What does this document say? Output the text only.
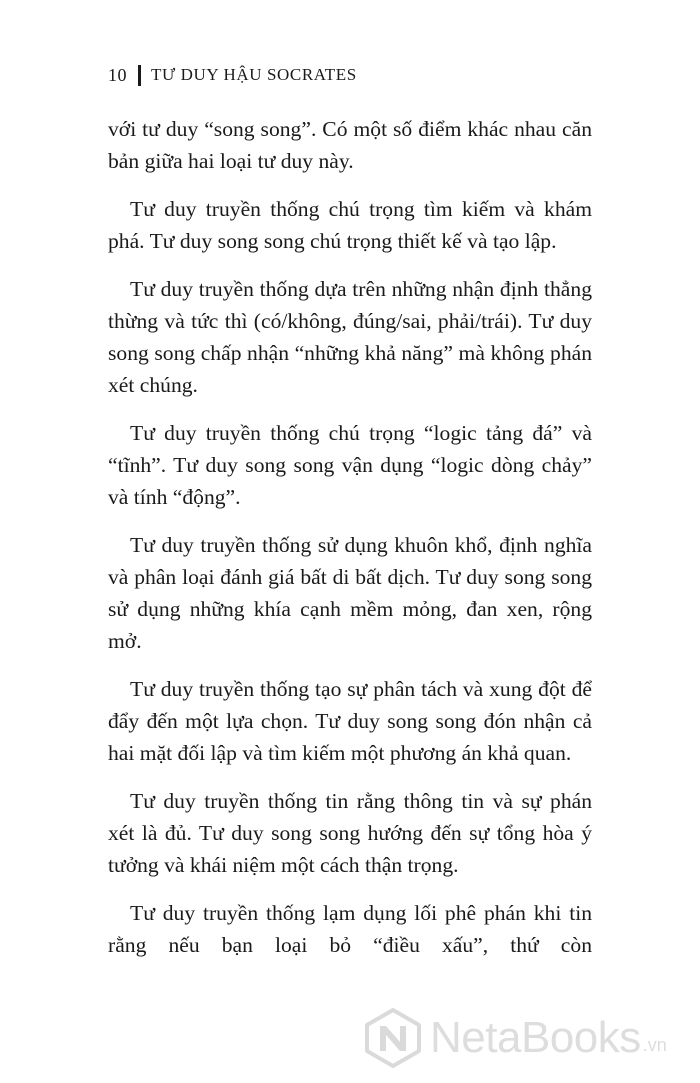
10 TƯ DUY HẬU SOCRATES

với tư duy “song song”. Có một số điểm khác nhau căn bản giữa hai loại tư duy này.

Tư duy truyền thống chú trọng tìm kiếm và khám phá. Tư duy song song chú trọng thiết kế và tạo lập.

Tư duy truyền thống dựa trên những nhận định thẳng thừng và tức thì (có/không, đúng/sai, phải/trái). Tư duy song song chấp nhận “những khả năng” mà không phán xét chúng.

Tư duy truyền thống chú trọng “logic tảng đá” và “tĩnh”. Tư duy song song vận dụng “logic dòng chảy” và tính “động”.

Tư duy truyền thống sử dụng khuôn khổ, định nghĩa và phân loại đánh giá bất di bất dịch. Tư duy song song sử dụng những khía cạnh mềm mỏng, đan xen, rộng mở.

Tư duy truyền thống tạo sự phân tách và xung đột để đẩy đến một lựa chọn. Tư duy song song đón nhận cả hai mặt đối lập và tìm kiếm một phương án khả quan.

Tư duy truyền thống tin rằng thông tin và sự phán xét là đủ. Tư duy song song hướng đến sự tổng hòa ý tưởng và khái niệm một cách thận trọng.

Tư duy truyền thống lạm dụng lối phê phán khi tin rằng nếu bạn loại bỏ “điều xấu”, thứ còn

NetaBooks .vn
